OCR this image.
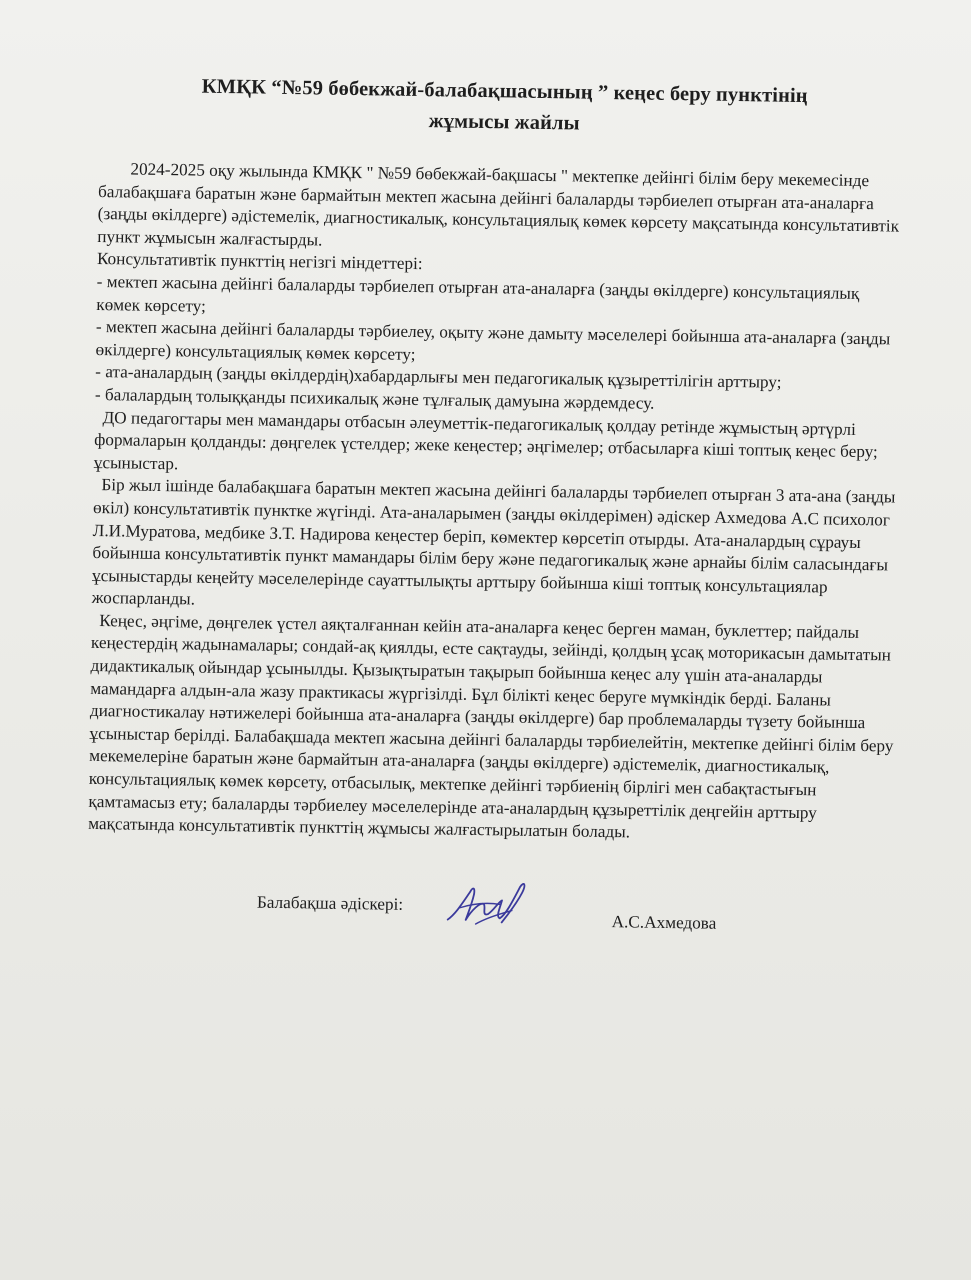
КМҚК “№59 бөбекжай-балабақшасының ” кеңес беру пунктінің
жұмысы жайлы

2024-2025 оқу жылында КМҚК " №59 бөбекжай-бақшасы " мектепке дейінгі білім беру мекемесінде балабақшаға баратын және бармайтын мектеп жасына дейінгі балаларды тәрбиелеп отырған ата-аналарға (заңды өкілдерге) әдістемелік, диагностикалық, консультациялық көмек көрсету мақсатында консультативтік пункт жұмысын жалғастырды.

Консультативтік пункттің негізгі міндеттері:

- мектеп жасына дейінгі балаларды тәрбиелеп отырған ата-аналарға (заңды өкілдерге) консультациялық көмек көрсету;

- мектеп жасына дейінгі балаларды тәрбиелеу, оқыту және дамыту мәселелері бойынша ата-аналарға (заңды өкілдерге) консультациялық көмек көрсету;

- ата-аналардың (заңды өкілдердің)хабардарлығы мен педагогикалық құзыреттілігін арттыру;

- балалардың толыққанды психикалық және тұлғалық дамуына жәрдемдесу.

ДО педагогтары мен мамандары отбасын әлеуметтік-педагогикалық қолдау ретінде жұмыстың әртүрлі формаларын қолданды: дөңгелек үстелдер; жеке кеңестер; әңгімелер; отбасыларға кіші топтық кеңес беру; ұсыныстар.

Бір жыл ішінде балабақшаға баратын мектеп жасына дейінгі балаларды тәрбиелеп отырған 3 ата-ана (заңды өкіл) консультативтік пунктке жүгінді. Ата-аналарымен (заңды өкілдерімен) әдіскер Ахмедова А.С психолог Л.И.Муратова, медбике З.Т. Надирова кеңестер беріп, көмектер көрсетіп отырды. Ата-аналардың сұрауы бойынша консультативтік пункт мамандары білім беру және педагогикалық және арнайы білім саласындағы ұсыныстарды кеңейту мәселелерінде сауаттылықты арттыру бойынша кіші топтық консультациялар жоспарланды.

Кеңес, әңгіме, дөңгелек үстел аяқталғаннан кейін ата-аналарға кеңес берген маман, буклеттер; пайдалы кеңестердің жадынамалары; сондай-ақ қиялды, есте сақтауды, зейінді, қолдың ұсақ моторикасын дамытатын дидактикалық ойындар ұсынылды. Қызықтыратын тақырып бойынша кеңес алу үшін ата-аналарды мамандарға алдын-ала жазу практикасы жүргізілді. Бұл білікті кеңес беруге мүмкіндік берді. Баланы диагностикалау нәтижелері бойынша ата-аналарға (заңды өкілдерге) бар проблемаларды түзету бойынша ұсыныстар берілді. Балабақшада мектеп жасына дейінгі балаларды тәрбиелейтін, мектепке дейінгі білім беру мекемелеріне баратын және бармайтын ата-аналарға (заңды өкілдерге) әдістемелік, диагностикалық, консультациялық көмек көрсету, отбасылық, мектепке дейінгі тәрбиенің бірлігі мен сабақтастығын қамтамасыз ету; балаларды тәрбиелеу мәселелерінде ата-аналардың құзыреттілік деңгейін арттыру мақсатында консультативтік пункттің жұмысы жалғастырылатын болады.

Балабақша әдіскері:
А.С.Ахмедова
